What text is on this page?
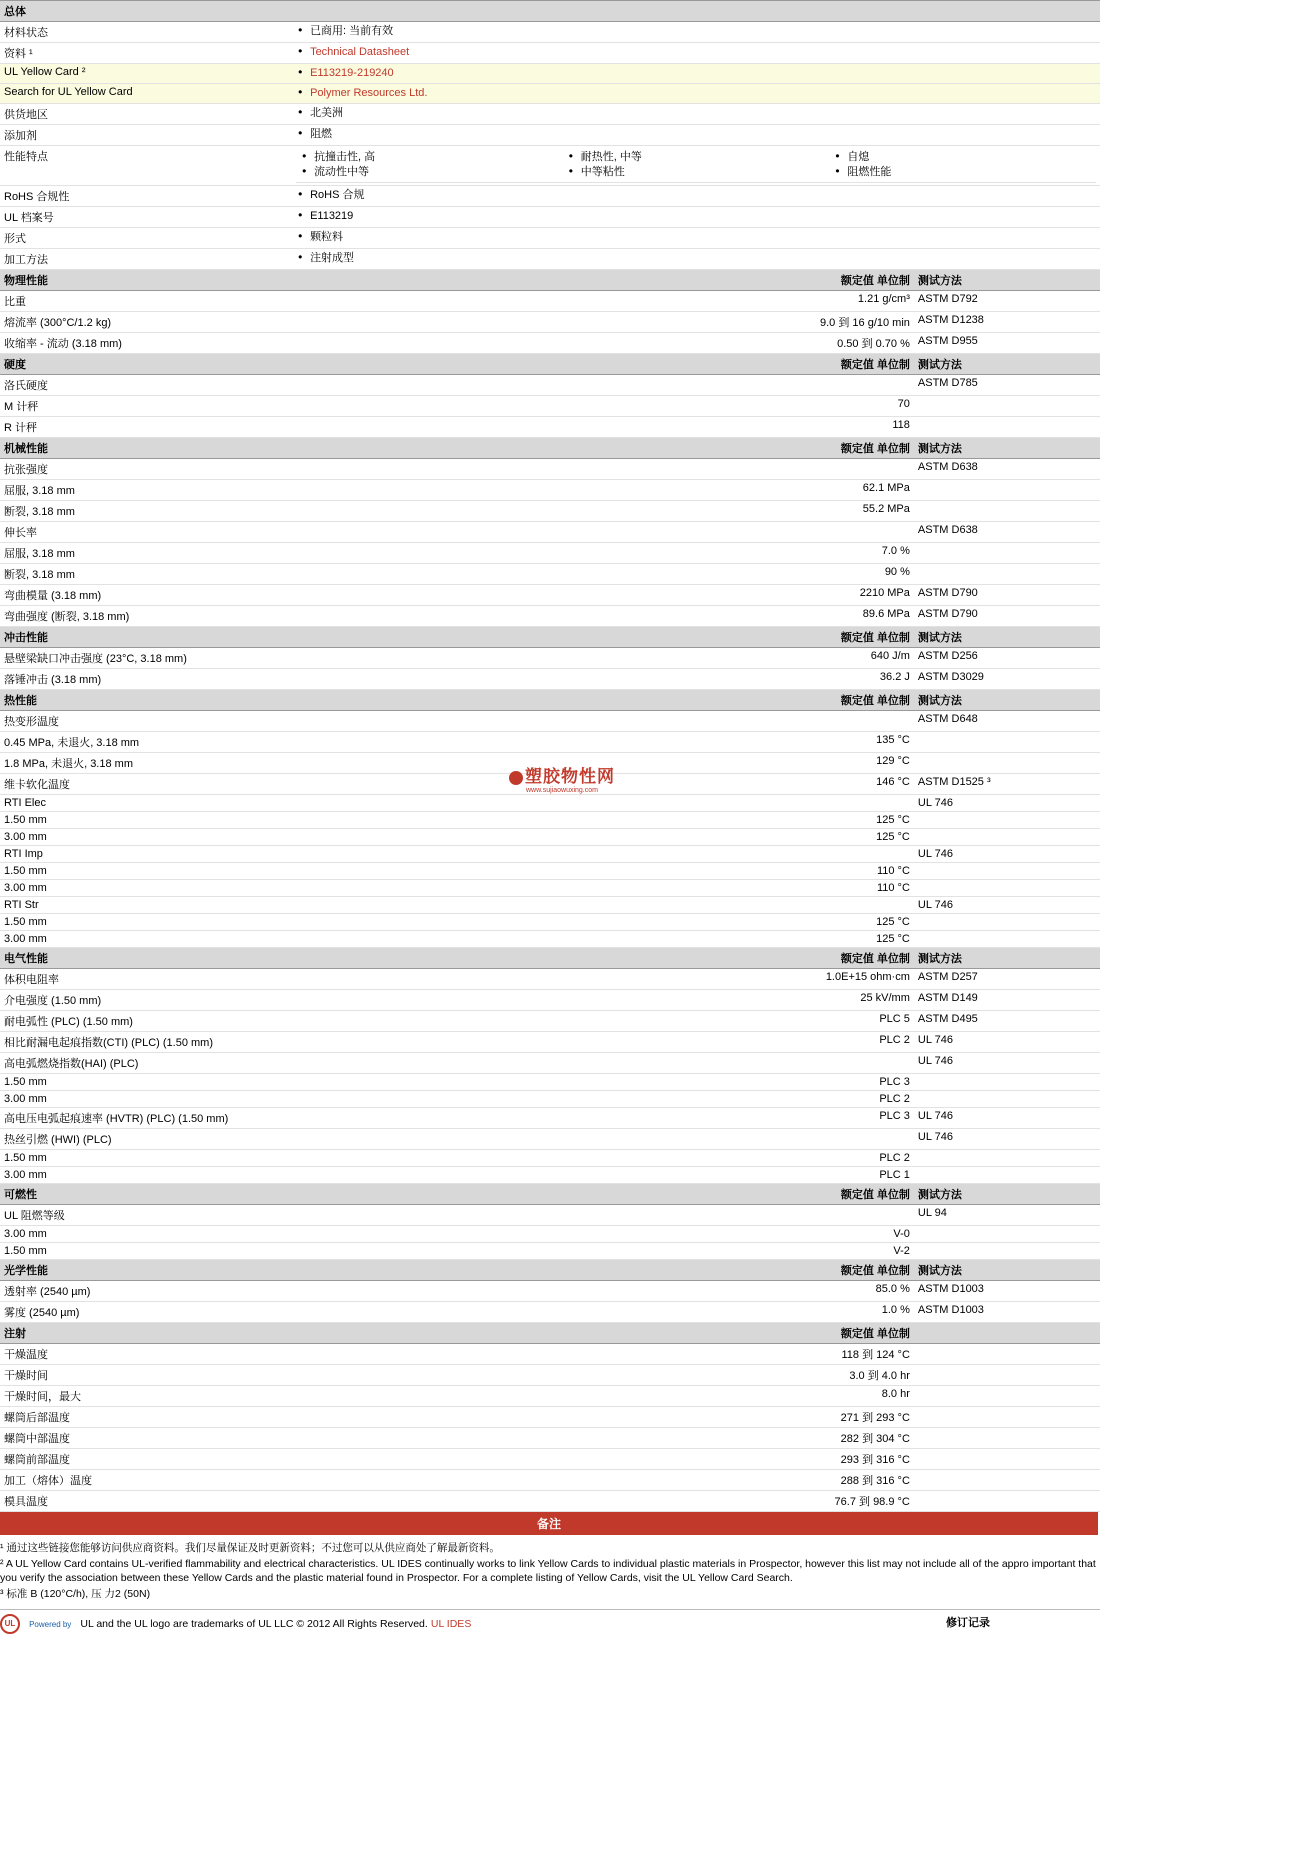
塑胶物性网
www.sujiaowuxing.com
总体		
材料状态	
•已商用: 当前有效

资料 ¹	
•Technical Datasheet

UL Yellow Card ²	
•E113219-219240

Search for UL Yellow Card	
•Polymer Resources Ltd.

供货地区	
•北美洲

添加剂	
•阻燃

性能特点		• 抗撞击性, 高
• 流动性中等

• 耐热性, 中等
• 中等粘性

• 自熄
• 阻燃性能

RoHS 合规性	
•RoHS 合规

UL 档案号	
•E113219

形式	
•颗粒料

加工方法	
•注射成型

物理性能	额定值 单位制	测试方法
比重	1.21 g/cm³	ASTM D792
熔流率 (300°C/1.2 kg)	9.0 到 16 g/10 min	ASTM D1238
收缩率 - 流动 (3.18 mm)	0.50 到 0.70 %	ASTM D955
硬度	额定值 单位制	测试方法
洛氏硬度		ASTM D785
M 计秤	70	
R 计秤	118	
机械性能	额定值 单位制	测试方法
抗张强度		ASTM D638
屈服, 3.18 mm	62.1 MPa	
断裂, 3.18 mm	55.2 MPa	
伸长率		ASTM D638
屈服, 3.18 mm	7.0 %	
断裂, 3.18 mm	90 %	
弯曲模量 (3.18 mm)	2210 MPa	ASTM D790
弯曲强度 (断裂, 3.18 mm)	89.6 MPa	ASTM D790
冲击性能	额定值 单位制	测试方法
悬壁梁缺口冲击强度 (23°C, 3.18 mm)	640 J/m	ASTM D256
落锤冲击 (3.18 mm)	36.2 J	ASTM D3029
热性能	额定值 单位制	测试方法
热变形温度		ASTM D648
0.45 MPa, 未退火, 3.18 mm	135 °C	
1.8 MPa, 未退火, 3.18 mm	129 °C	
维卡软化温度	146 °C	ASTM D1525 ³
RTI Elec		UL 746
1.50 mm	125 °C	
3.00 mm	125 °C	
RTI Imp		UL 746
1.50 mm	110 °C	
3.00 mm	110 °C	
RTI Str		UL 746
1.50 mm	125 °C	
3.00 mm	125 °C	
电气性能	额定值 单位制	测试方法
体积电阻率	1.0E+15 ohm·cm	ASTM D257
介电强度 (1.50 mm)	25 kV/mm	ASTM D149
耐电弧性 (PLC) (1.50 mm)	PLC 5	ASTM D495
相比耐漏电起痕指数(CTI) (PLC) (1.50 mm)	PLC 2	UL 746
高电弧燃烧指数(HAI) (PLC)		UL 746
1.50 mm	PLC 3	
3.00 mm	PLC 2	
高电压电弧起痕速率 (HVTR) (PLC) (1.50 mm)	PLC 3	UL 746
热丝引燃 (HWI) (PLC)		UL 746
1.50 mm	PLC 2	
3.00 mm	PLC 1	
可燃性	额定值 单位制	测试方法
UL 阻燃等级		UL 94
3.00 mm	V-0	
1.50 mm	V-2	
光学性能	额定值 单位制	测试方法
透射率 (2540 µm)	85.0 %	ASTM D1003
雾度 (2540 µm)	1.0 %	ASTM D1003
注射	额定值 单位制	
干燥温度	118 到 124 °C	
干燥时间	3.0 到 4.0 hr	
干燥时间，最大	8.0 hr	
螺筒后部温度	271 到 293 °C	
螺筒中部温度	282 到 304 °C	
螺筒前部温度	293 到 316 °C	
加工（熔体）温度	288 到 316 °C	
模具温度	76.7 到 98.9 °C	
备注

¹ 通过这些链接您能够访问供应商资料。我们尽量保证及时更新资料；不过您可以从供应商处了解最新资料。

² A UL Yellow Card contains UL-verified flammability and electrical characteristics. UL IDES continually works to link Yellow Cards to individual plastic materials in Prospector, however this list may not include all of the appro important that you verify the association between these Yellow Cards and the plastic material found in Prospector. For a complete listing of Yellow Cards, visit the UL Yellow Card Search.

³ 标准 B (120°C/h), 压 力2 (50N)

UL Powered by UL and the UL logo are trademarks of UL LLC © 2012 All Rights Reserved. UL IDES	修订记录
